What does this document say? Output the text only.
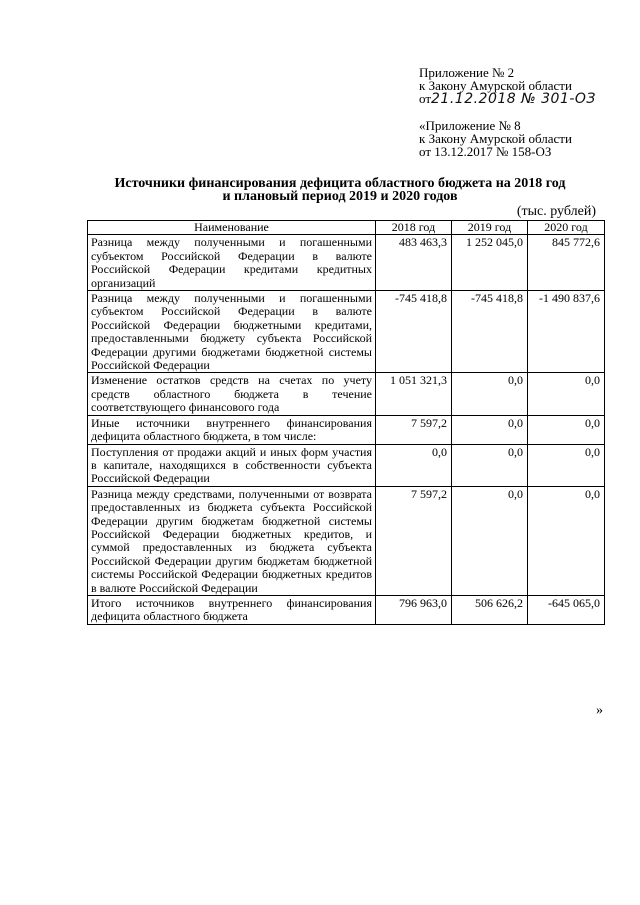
Приложение № 2
к Закону Амурской области
от21.12.2018 № 301-ОЗ
«Приложение № 8
к Закону Амурской области
от 13.12.2017 № 158-ОЗ
Источники финансирования дефицита областного бюджета на 2018 год
и плановый период 2019 и 2020 годов
(тыс. рублей)
Наименование	2018 год	2019 год	2020 год
Разница между полученными и погашенными субъектом Российской Федерации в валюте Российской Федерации кредитами кредитных организаций	483 463,3	1 252 045,0	845 772,6
Разница между полученными и погашенными субъектом Российской Федерации в валюте Российской Федерации бюджетными кредитами, предоставленными бюджету субъекта Российской Федерации другими бюджетами бюджетной системы Российской Федерации	-745 418,8	-745 418,8	-1 490 837,6
Изменение остатков средств на счетах по учету средств областного бюджета в течение соответствующего финансового года	1 051 321,3	0,0	0,0
Иные источники внутреннего финансирования дефицита областного бюджета, в том числе:	7 597,2	0,0	0,0
Поступления от продажи акций и иных форм участия в капитале, находящихся в собственности субъекта Российской Федерации	0,0	0,0	0,0
Разница между средствами, полученными от возврата предоставленных из бюджета субъекта Российской Федерации другим бюджетам бюджетной системы Российской Федерации бюджетных кредитов, и суммой предоставленных из бюджета субъекта Российской Федерации другим бюджетам бюджетной системы Российской Федерации бюджетных кредитов в валюте Российской Федерации	7 597,2	0,0	0,0
Итого источников внутреннего финансирования дефицита областного бюджета	796 963,0	506 626,2	-645 065,0
»
